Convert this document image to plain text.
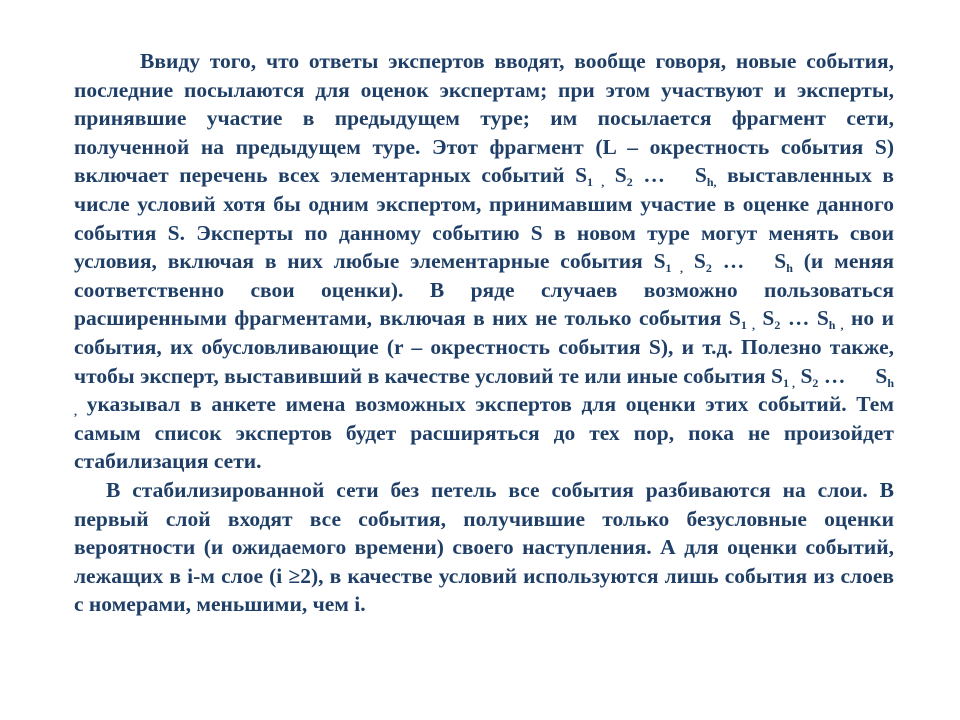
Ввиду того, что ответы экспертов вводят, вообще говоря, новые события, последние посылаются для оценок экспертам; при этом участвуют и эксперты, принявшие участие в предыдущем туре; им посылается фрагмент сети, полученной на предыдущем туре. Этот фрагмент (L – окрестность события S) включает перечень всех элементарных событий $S_{1 ,}$ $S_2$ … $S_{h,}$ выставленных в числе условий хотя бы одним экспертом, принимавшим участие в оценке данного события S. Эксперты по данному событию S в новом туре могут менять свои условия, включая в них любые элементарные события $S_{1 ,}$ $S_2$ … $S_h$ (и меняя соответственно свои оценки). В ряде случаев возможно пользоваться расширенными фрагментами, включая в них не только события $S_{1 ,}$ $S_2$ … $S_{h ,}$ но и события, их обусловливающие (r – окрестность события S), и т.д. Полезно также, чтобы эксперт, выставивший в качестве условий те или иные события $S_{1 ,}$ $S_2$ … $S_{h ,}$ указывал в анкете имена возможных экспертов для оценки этих событий. Тем самым список экспертов будет расширяться до тех пор, пока не произойдет стабилизация сети.

В стабилизированной сети без петель все события разбиваются на слои. В первый слой входят все события, получившие только безусловные оценки вероятности (и ожидаемого времени) своего наступления. А для оценки событий, лежащих в i-м слое (i ≥2), в качестве условий используются лишь события из слоев с номерами, меньшими, чем i.
